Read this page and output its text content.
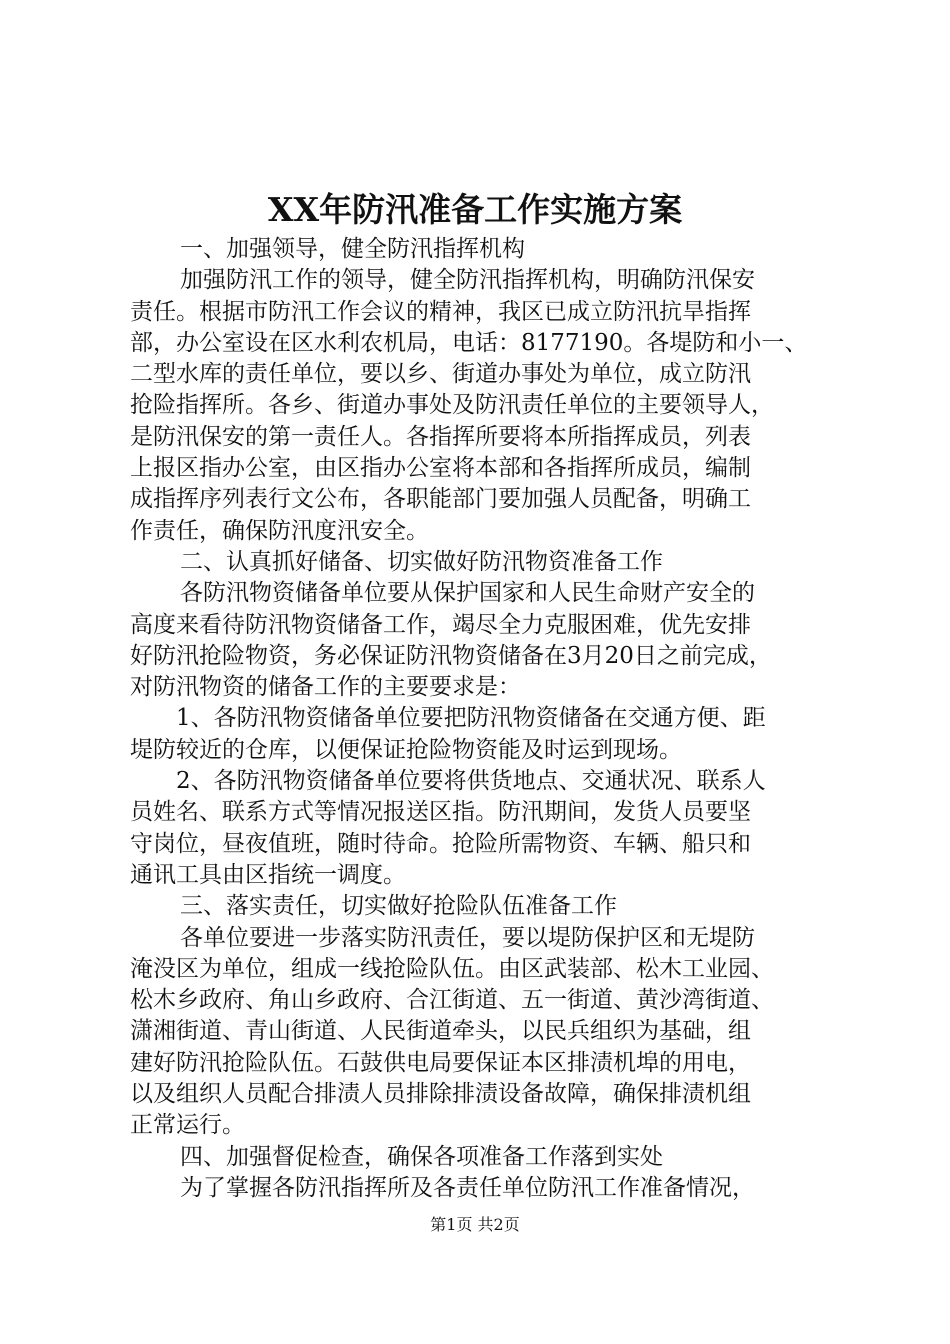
XX年防汛准备工作实施方案
一、加强领导，健全防汛指挥机构
加强防汛工作的领导，健全防汛指挥机构，明确防汛保安
责任。根据市防汛工作会议的精神，我区已成立防汛抗旱指挥
部，办公室设在区水利农机局，电话：8177190。各堤防和小一、
二型水库的责任单位，要以乡、街道办事处为单位，成立防汛
抢险指挥所。各乡、街道办事处及防汛责任单位的主要领导人，
是防汛保安的第一责任人。各指挥所要将本所指挥成员，列表
上报区指办公室，由区指办公室将本部和各指挥所成员，编制
成指挥序列表行文公布，各职能部门要加强人员配备，明确工
作责任，确保防汛度汛安全。
二、认真抓好储备、切实做好防汛物资准备工作
各防汛物资储备单位要从保护国家和人民生命财产安全的
高度来看待防汛物资储备工作，竭尽全力克服困难，优先安排
好防汛抢险物资，务必保证防汛物资储备在3月20日之前完成，
对防汛物资的储备工作的主要要求是：
1、各防汛物资储备单位要把防汛物资储备在交通方便、距
堤防较近的仓库，以便保证抢险物资能及时运到现场。
2、各防汛物资储备单位要将供货地点、交通状况、联系人
员姓名、联系方式等情况报送区指。防汛期间，发货人员要坚
守岗位，昼夜值班，随时待命。抢险所需物资、车辆、船只和
通讯工具由区指统一调度。
三、落实责任，切实做好抢险队伍准备工作
各单位要进一步落实防汛责任，要以堤防保护区和无堤防
淹没区为单位，组成一线抢险队伍。由区武装部、松木工业园、
松木乡政府、角山乡政府、合江街道、五一街道、黄沙湾街道、
潇湘街道、青山街道、人民街道牵头，以民兵组织为基础，组
建好防汛抢险队伍。石鼓供电局要保证本区排渍机埠的用电，
以及组织人员配合排渍人员排除排渍设备故障，确保排渍机组
正常运行。
四、加强督促检查，确保各项准备工作落到实处
为了掌握各防汛指挥所及各责任单位防汛工作准备情况，
第1页 共2页
